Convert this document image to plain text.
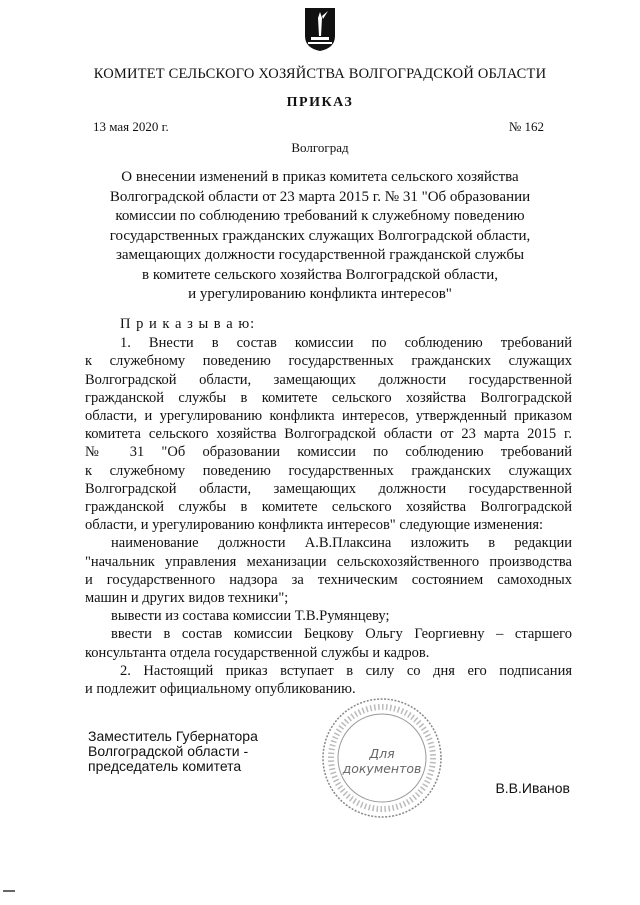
КОМИТЕТ СЕЛЬСКОГО ХОЗЯЙСТВА ВОЛГОГРАДСКОЙ ОБЛАСТИ
ПРИКАЗ
13 мая 2020 г.	№ 162
Волгоград
О внесении изменений в приказ комитета сельского хозяйства
Волгоградской области от 23 марта 2015 г. № 31 "Об образовании
комиссии по соблюдению требований к служебному поведению
государственных гражданских служащих Волгоградской области,
замещающих должности государственной гражданской службы
в комитете сельского хозяйства Волгоградской области,
и урегулированию конфликта интересов"

П р и к а з ы в а ю:

1. Внести в состав комиссии по соблюдению требований

к служебному поведению государственных гражданских служащих

Волгоградской области, замещающих должности государственной

гражданской службы в комитете сельского хозяйства Волгоградской

области, и урегулированию конфликта интересов, утвержденный приказом

комитета сельского хозяйства Волгоградской области от 23 марта 2015 г.

№ 31 "Об образовании комиссии по соблюдению требований

к служебному поведению государственных гражданских служащих

Волгоградской области, замещающих должности государственной

гражданской службы в комитете сельского хозяйства Волгоградской

области, и урегулированию конфликта интересов" следующие изменения:

наименование должности А.В.Плаксина изложить в редакции

"начальник управления механизации сельскохозяйственного производства

и государственного надзора за техническим состоянием самоходных

машин и других видов техники";

вывести из состава комиссии Т.В.Румянцеву;

ввести в состав комиссии Бецкову Ольгу Георгиевну – старшего

консультанта отдела государственной службы и кадров.

2. Настоящий приказ вступает в силу со дня его подписания

и подлежит официальному опубликованию.

Заместитель Губернатора
Волгоградской области -
председатель комитета
Для документов
В.В.Иванов
